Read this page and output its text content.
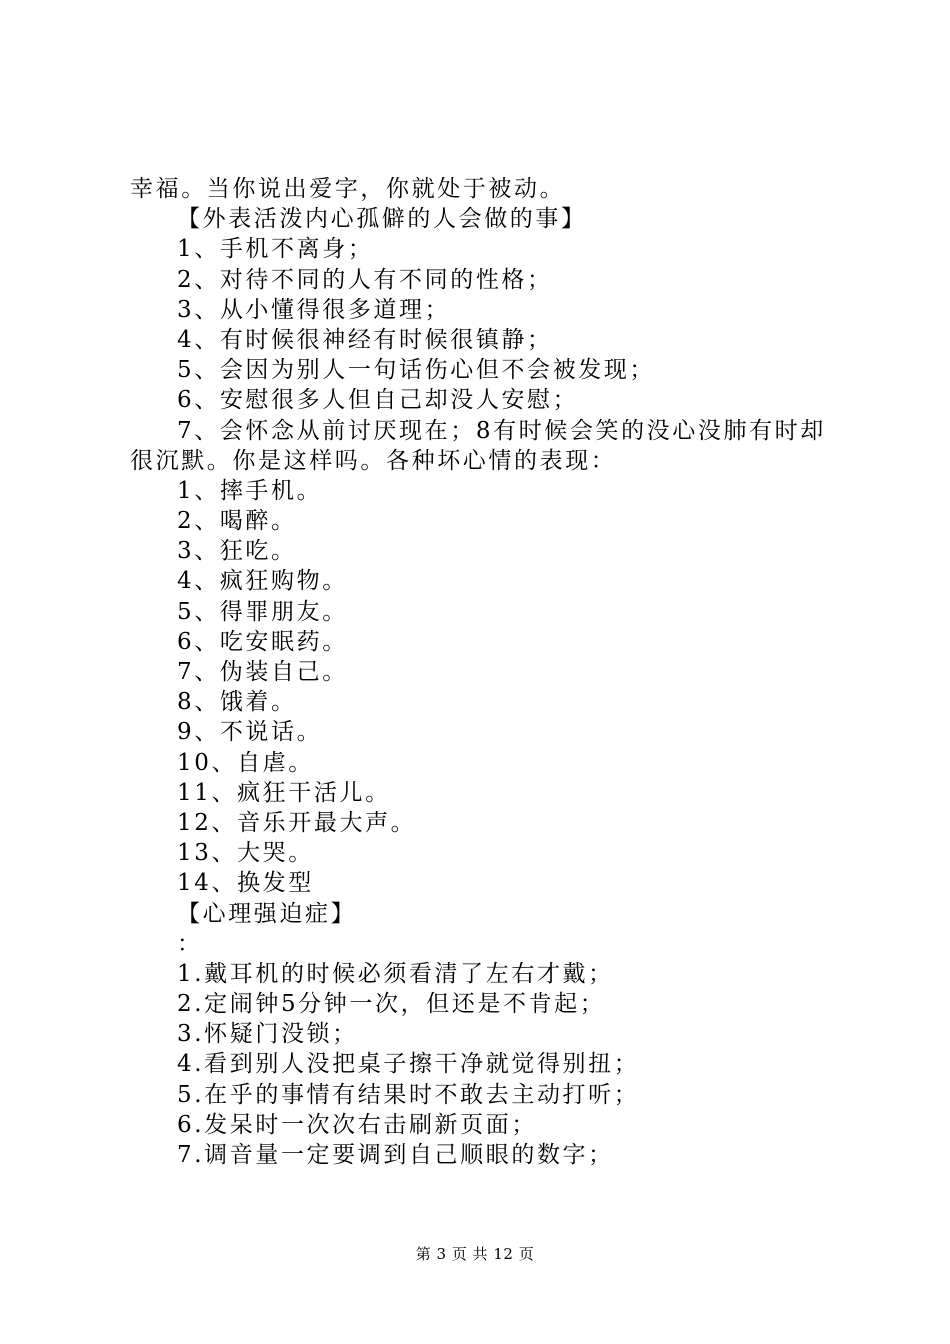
幸福。当你说出爱字，你就处于被动。
【外表活泼内心孤僻的人会做的事】
1、手机不离身；
2、对待不同的人有不同的性格；
3、从小懂得很多道理；
4、有时候很神经有时候很镇静；
5、会因为别人一句话伤心但不会被发现；
6、安慰很多人但自己却没人安慰；
7、会怀念从前讨厌现在；8有时候会笑的没心没肺有时却
很沉默。你是这样吗。各种坏心情的表现：
1、摔手机。
2、喝醉。
3、狂吃。
4、疯狂购物。
5、得罪朋友。
6、吃安眠药。
7、伪装自己。
8、饿着。
9、不说话。
10、自虐。
11、疯狂干活儿。
12、音乐开最大声。
13、大哭。
14、换发型
【心理强迫症】
：
1.戴耳机的时候必须看清了左右才戴；
2.定闹钟5分钟一次，但还是不肯起；
3.怀疑门没锁；
4.看到别人没把桌子擦干净就觉得别扭；
5.在乎的事情有结果时不敢去主动打听；
6.发呆时一次次右击刷新页面；
7.调音量一定要调到自己顺眼的数字；
第 3 页 共 12 页
